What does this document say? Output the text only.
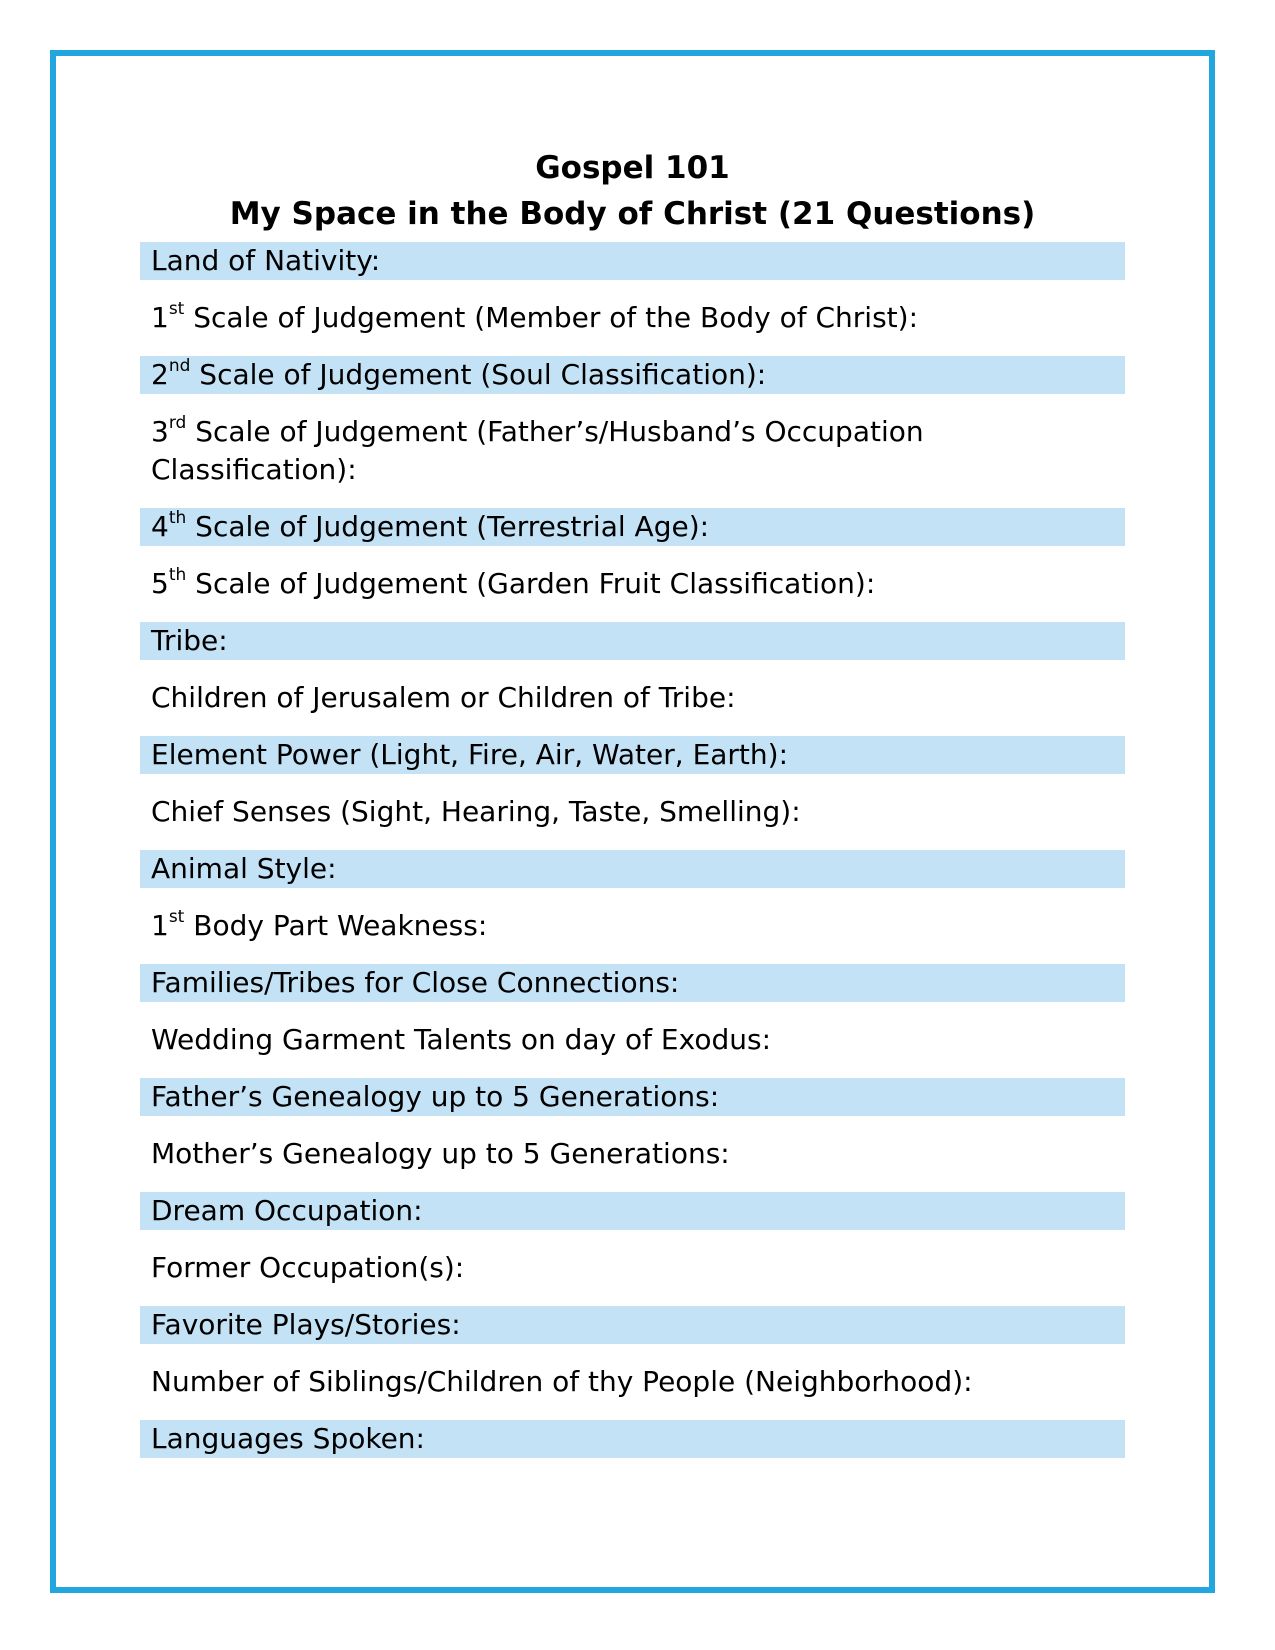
Gospel 101
My Space in the Body of Christ (21 Questions)
Land of Nativity:
1st Scale of Judgement (Member of the Body of Christ):
2nd Scale of Judgement (Soul Classification):
3rd Scale of Judgement (Father’s/Husband’s Occupation Classification):
4th Scale of Judgement (Terrestrial Age):
5th Scale of Judgement (Garden Fruit Classification):
Tribe:
Children of Jerusalem or Children of Tribe:
Element Power (Light, Fire, Air, Water, Earth):
Chief Senses (Sight, Hearing, Taste, Smelling):
Animal Style:
1st Body Part Weakness:
Families/Tribes for Close Connections:
Wedding Garment Talents on day of Exodus:
Father’s Genealogy up to 5 Generations:
Mother’s Genealogy up to 5 Generations:
Dream Occupation:
Former Occupation(s):
Favorite Plays/Stories:
Number of Siblings/Children of thy People (Neighborhood):
Languages Spoken:
